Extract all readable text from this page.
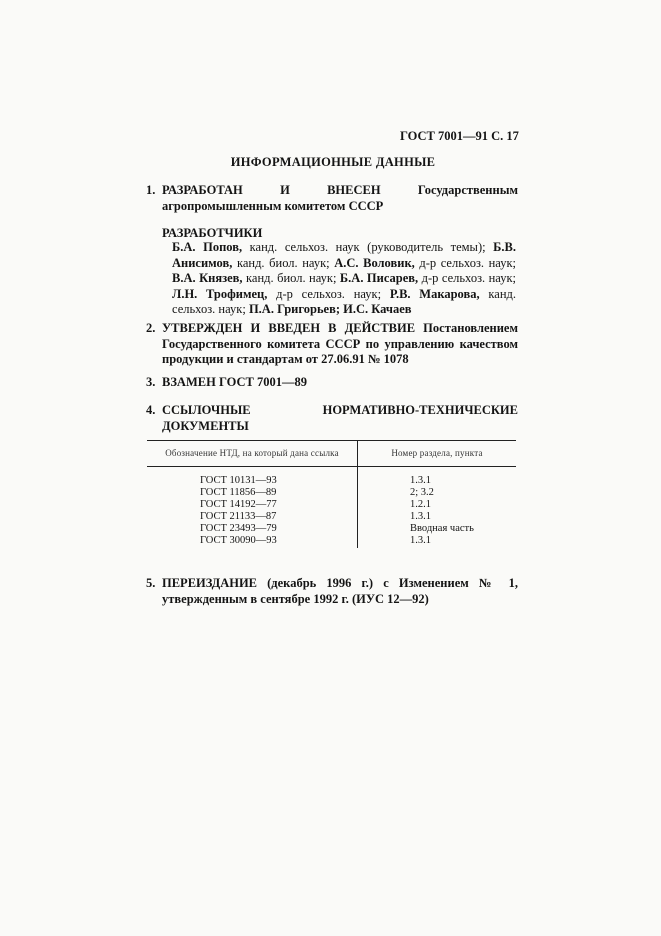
ГОСТ 7001—91 С. 17
ИНФОРМАЦИОННЫЕ ДАННЫЕ
1. РАЗРАБОТАН И ВНЕСЕН Государственным агропромышленным комитетом СССР
РАЗРАБОТЧИКИ
Б.А. Попов, канд. сельхоз. наук (руководитель темы); Б.В. Анисимов, канд. биол. наук; А.С. Воловик, д-р сельхоз. наук; В.А. Князев, канд. биол. наук; Б.А. Писарев, д-р сельхоз. наук; Л.Н. Трофимец, д-р сельхоз. наук; Р.В. Макарова, канд. сельхоз. наук; П.А. Григорьев; И.С. Качаев
2. УТВЕРЖДЕН И ВВЕДЕН В ДЕЙСТВИЕ Постановлением Государственного комитета СССР по управлению качеством продукции и стандартам от 27.06.91 № 1078
3. ВЗАМЕН ГОСТ 7001—89
4. ССЫЛОЧНЫЕ НОРМАТИВНО-ТЕХНИЧЕСКИЕ ДОКУМЕНТЫ
Обозначение НТД, на который дана ссылка	Номер раздела, пункта
ГОСТ 10131—93	1.3.1
ГОСТ 11856—89	2; 3.2
ГОСТ 14192—77	1.2.1
ГОСТ 21133—87	1.3.1
ГОСТ 23493—79	Вводная часть
ГОСТ 30090—93	1.3.1
5. ПЕРЕИЗДАНИЕ (декабрь 1996 г.) с Изменением № 1, утвержденным в сентябре 1992 г. (ИУС 12—92)
